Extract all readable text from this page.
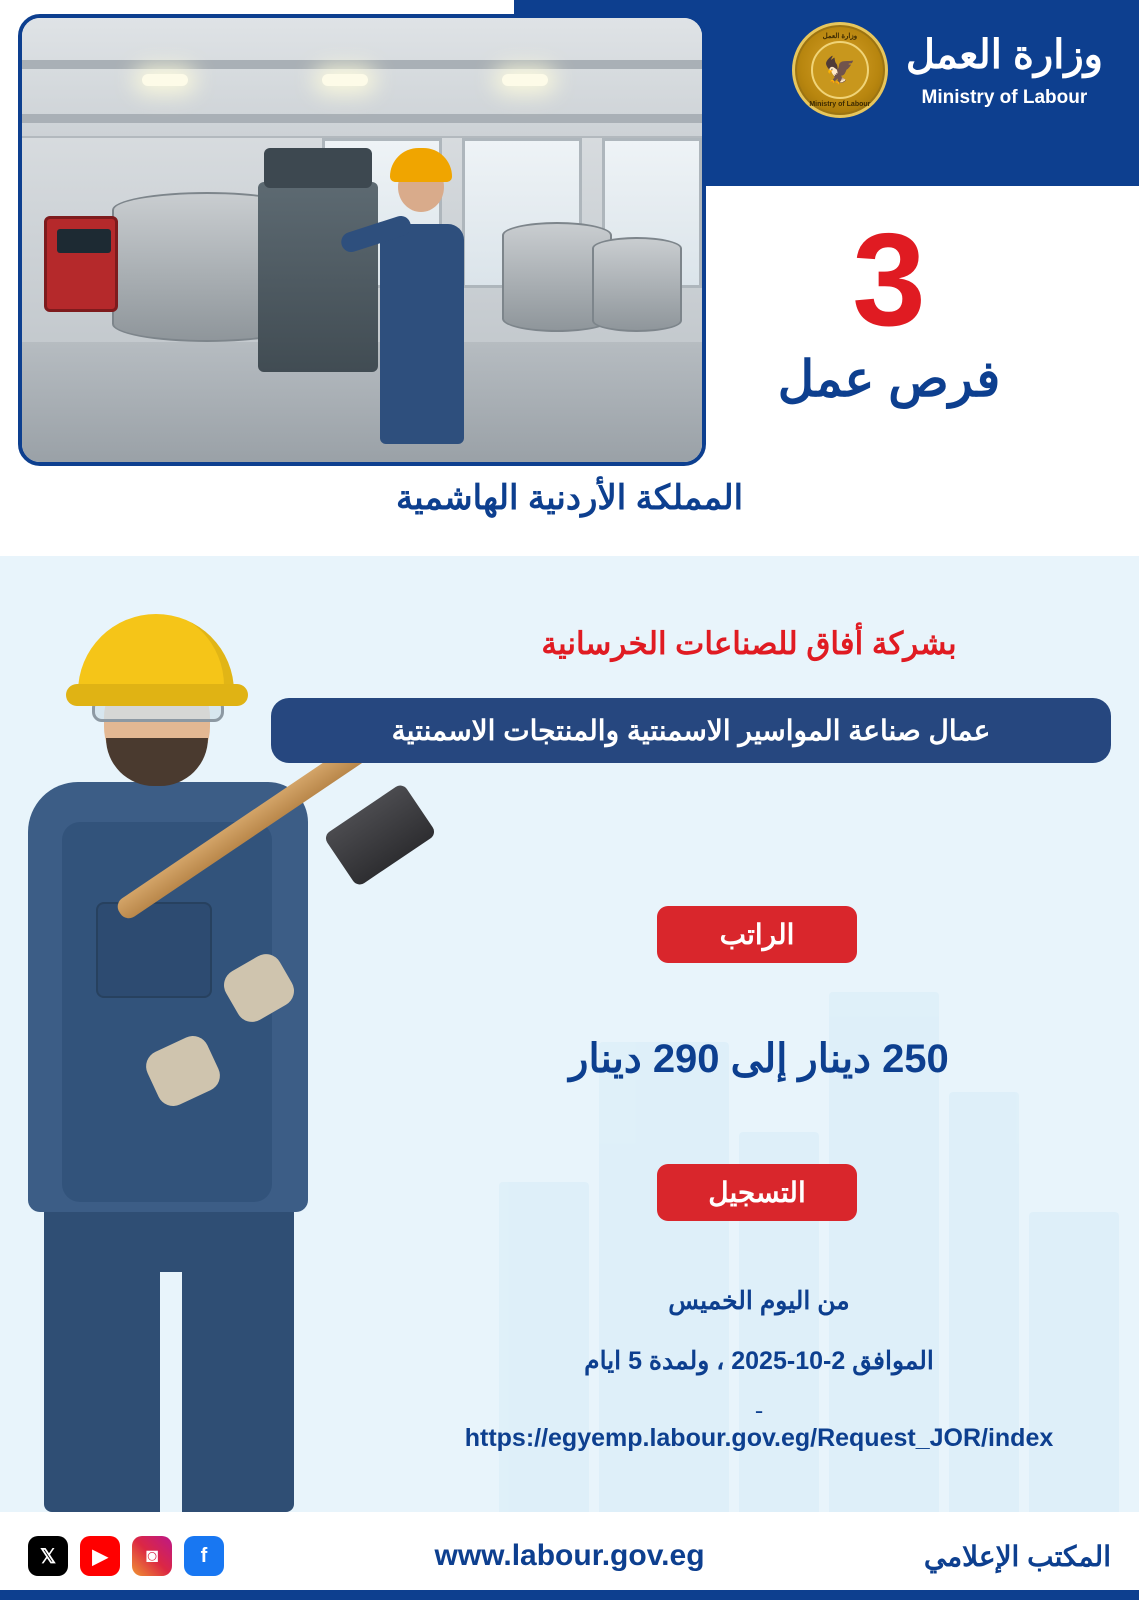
وزارة العمل
Ministry of Labour
وزارة العمل
🦅
Ministry of Labour
3
فرص عمل
المملكة الأردنية الهاشمية
بشركة أفاق للصناعات الخرسانية
عمال صناعة المواسير الاسمنتية والمنتجات الاسمنتية
الراتب
250 دينار إلى 290 دينار
التسجيل
من اليوم الخميس
الموافق 2-10-2025 ، ولمدة 5 ايام
ـ
https://egyemp.labour.gov.eg/Request_JOR/index
المكتب الإعلامي
www.labour.gov.eg
f
◙
▶
𝕏
